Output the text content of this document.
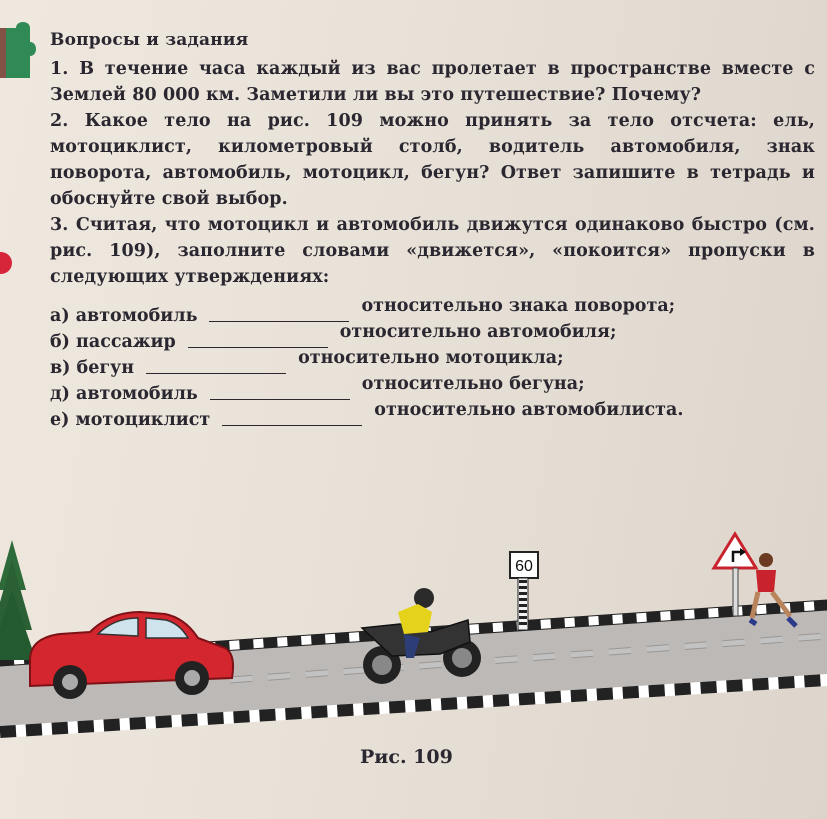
Вопросы и задания

1. В течение часа каждый из вас пролетает в пространстве вместе с Землей 80 000 км. Заметили ли вы это путешествие? Почему?

2. Какое тело на рис. 109 можно принять за тело отсчета: ель, мотоциклист, километровый столб, водитель автомобиля, знак поворота, автомобиль, мотоцикл, бегун? Ответ запишите в тетрадь и обоснуйте свой выбор.

3. Считая, что мотоцикл и автомобиль движутся одинаково быстро (см. рис. 109), заполните словами «движется», «покоится» пропуски в следующих утверждениях:

а) автомобиль	относительно знака поворота;
б) пассажир	относительно автомобиля;
в) бегун	относительно мотоцикла;
д) автомобиль	относительно бегуна;
е) мотоциклист	относительно автомобилиста.
60
Рис. 109
